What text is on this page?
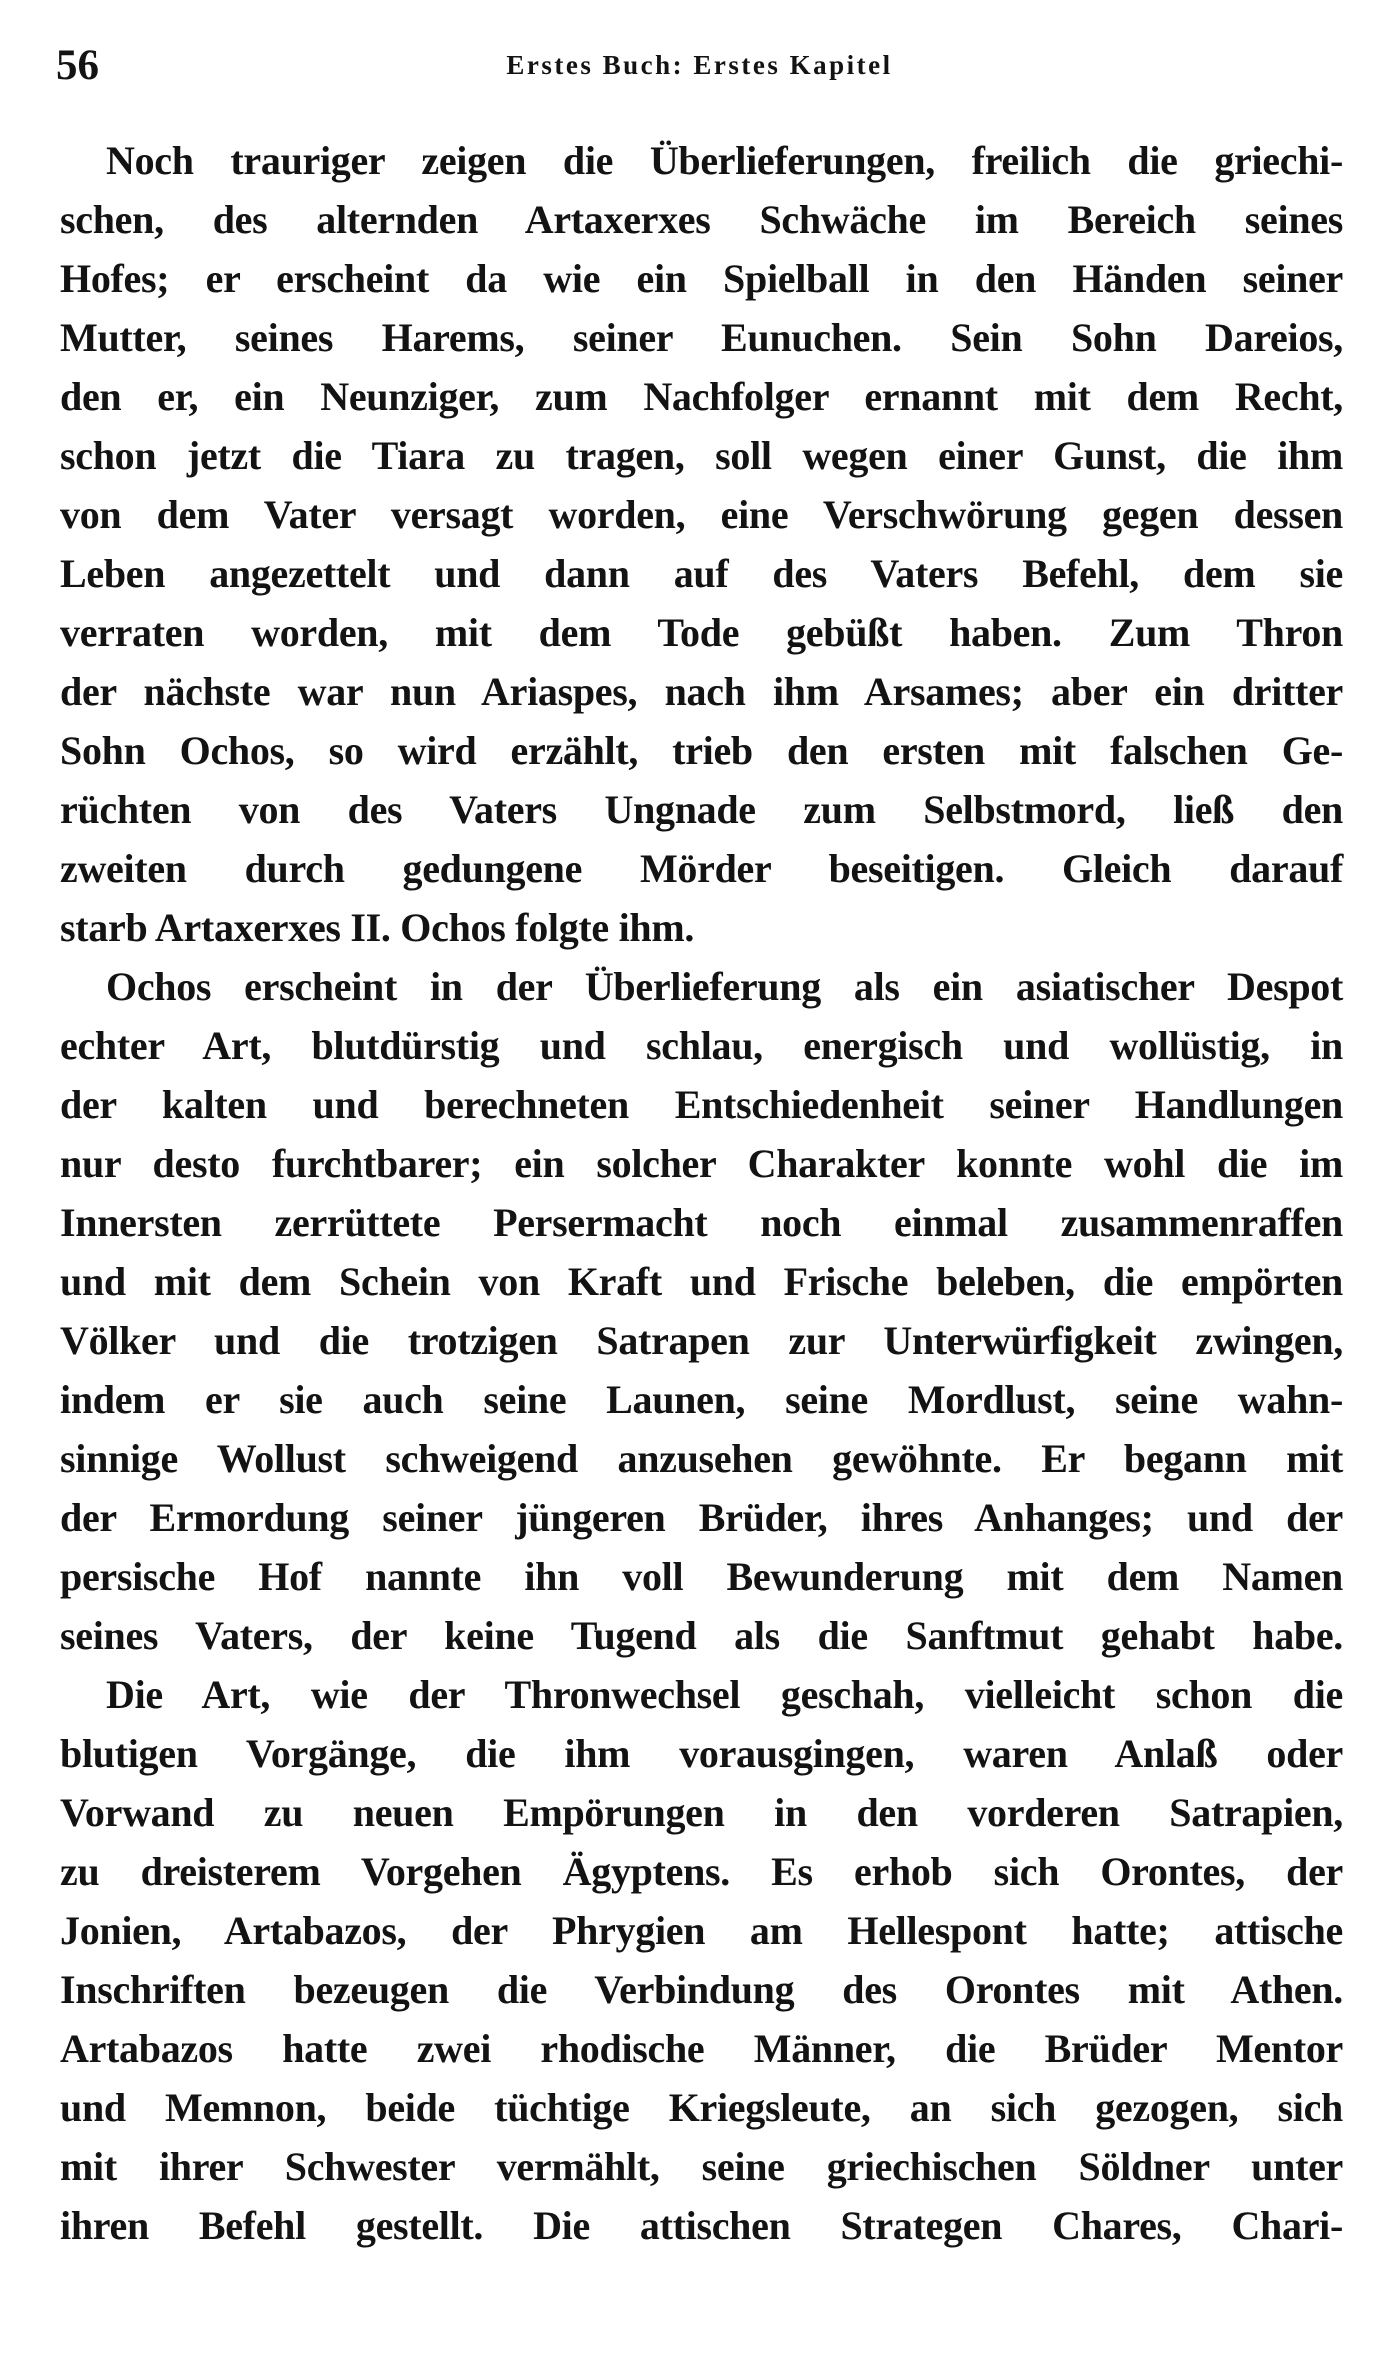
56	Erstes Buch: Erstes Kapitel
Noch trauriger zeigen die Überlieferungen, freilich die griechi-
schen, des alternden Artaxerxes Schwäche im Bereich seines
Hofes; er erscheint da wie ein Spielball in den Händen seiner
Mutter, seines Harems, seiner Eunuchen. Sein Sohn Dareios,
den er, ein Neunziger, zum Nachfolger ernannt mit dem Recht,
schon jetzt die Tiara zu tragen, soll wegen einer Gunst, die ihm
von dem Vater versagt worden, eine Verschwörung gegen dessen
Leben angezettelt und dann auf des Vaters Befehl, dem sie
verraten worden, mit dem Tode gebüßt haben. Zum Thron
der nächste war nun Ariaspes, nach ihm Arsames; aber ein dritter
Sohn Ochos, so wird erzählt, trieb den ersten mit falschen Ge-
rüchten von des Vaters Ungnade zum Selbstmord, ließ den
zweiten durch gedungene Mörder beseitigen. Gleich darauf
starb Artaxerxes II. Ochos folgte ihm.
Ochos erscheint in der Überlieferung als ein asiatischer Despot
echter Art, blutdürstig und schlau, energisch und wollüstig, in
der kalten und berechneten Entschiedenheit seiner Handlungen
nur desto furchtbarer; ein solcher Charakter konnte wohl die im
Innersten zerrüttete Persermacht noch einmal zusammenraffen
und mit dem Schein von Kraft und Frische beleben, die empörten
Völker und die trotzigen Satrapen zur Unterwürfigkeit zwingen,
indem er sie auch seine Launen, seine Mordlust, seine wahn-
sinnige Wollust schweigend anzusehen gewöhnte. Er begann mit
der Ermordung seiner jüngeren Brüder, ihres Anhanges; und der
persische Hof nannte ihn voll Bewunderung mit dem Namen
seines Vaters, der keine Tugend als die Sanftmut gehabt habe.
Die Art, wie der Thronwechsel geschah, vielleicht schon die
blutigen Vorgänge, die ihm vorausgingen, waren Anlaß oder
Vorwand zu neuen Empörungen in den vorderen Satrapien,
zu dreisterem Vorgehen Ägyptens. Es erhob sich Orontes, der
Jonien, Artabazos, der Phrygien am Hellespont hatte; attische
Inschriften bezeugen die Verbindung des Orontes mit Athen.
Artabazos hatte zwei rhodische Männer, die Brüder Mentor
und Memnon, beide tüchtige Kriegsleute, an sich gezogen, sich
mit ihrer Schwester vermählt, seine griechischen Söldner unter
ihren Befehl gestellt. Die attischen Strategen Chares, Chari-
